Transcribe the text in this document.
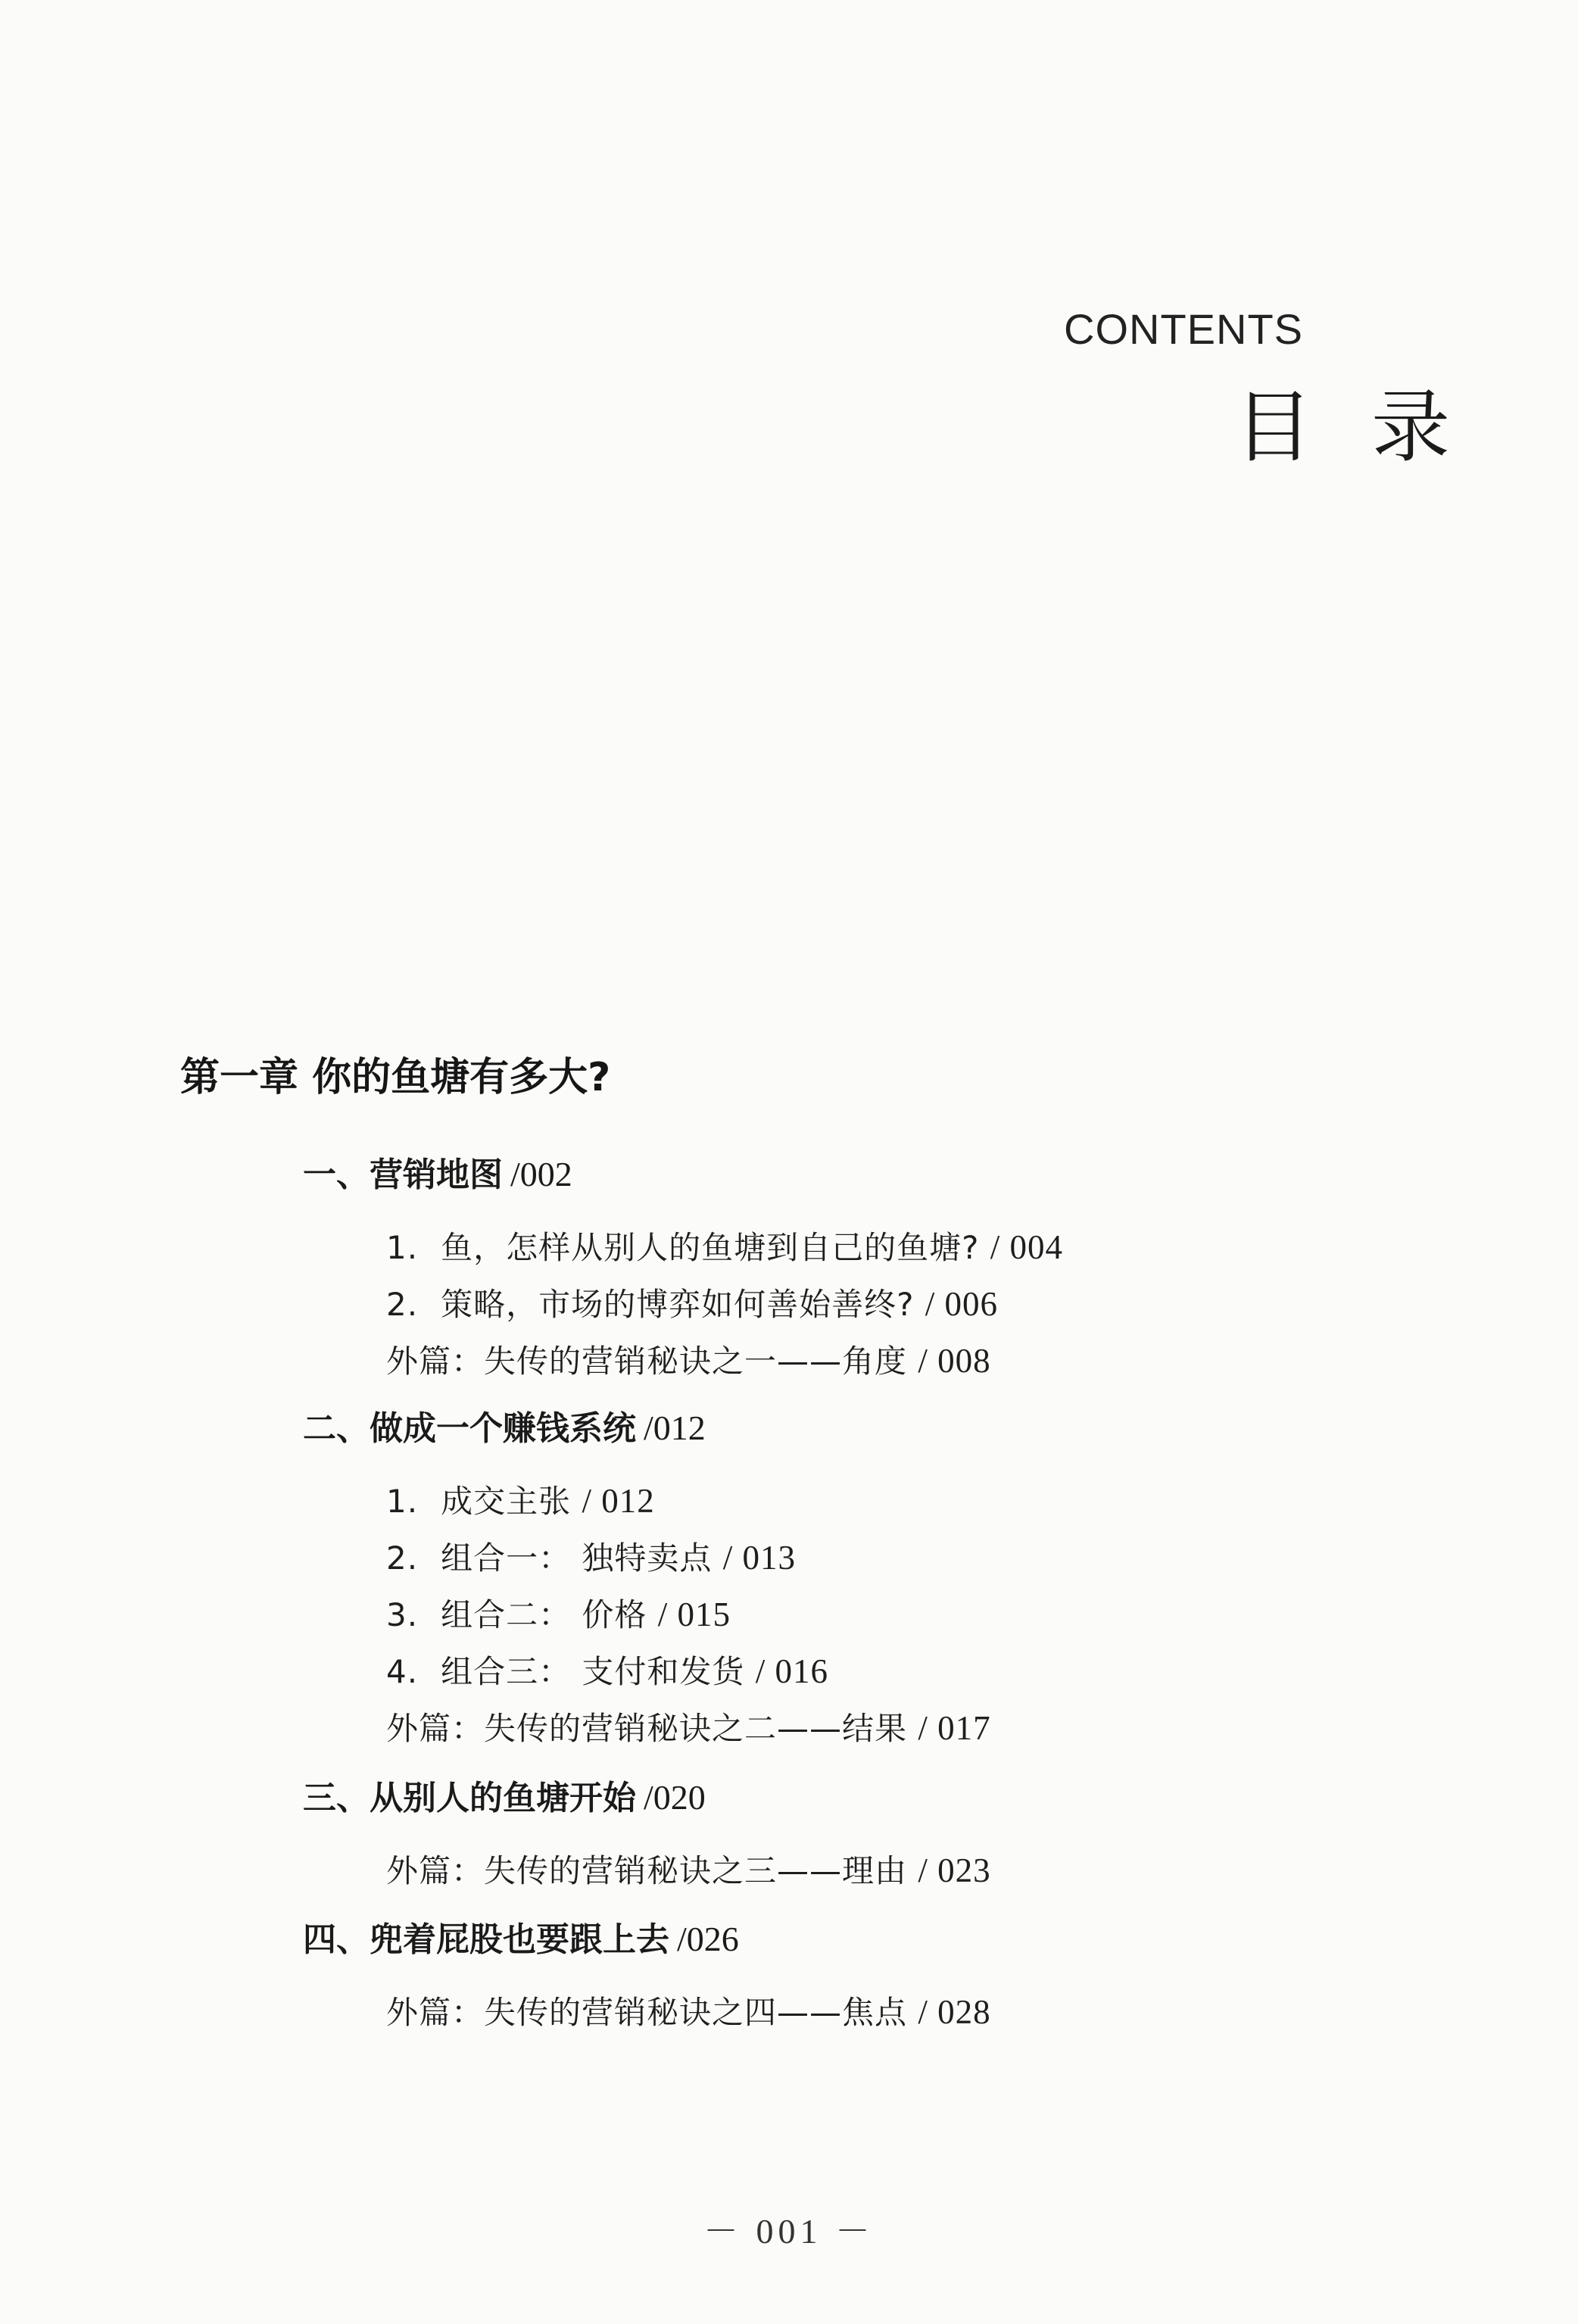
CONTENTS
目 录
第一章 你的鱼塘有多大?
一、营销地图 /002
1. 鱼，怎样从别人的鱼塘到自己的鱼塘? / 004
2. 策略，市场的博弈如何善始善终? / 006
外篇：失传的营销秘诀之一——角度 / 008
二、做成一个赚钱系统 /012
1. 成交主张 / 012
2. 组合一： 独特卖点 / 013
3. 组合二： 价格 / 015
4. 组合三： 支付和发货 / 016
外篇：失传的营销秘诀之二——结果 / 017
三、从别人的鱼塘开始 /020
外篇：失传的营销秘诀之三——理由 / 023
四、兜着屁股也要跟上去 /026
外篇：失传的营销秘诀之四——焦点 / 028
－ 001 －
